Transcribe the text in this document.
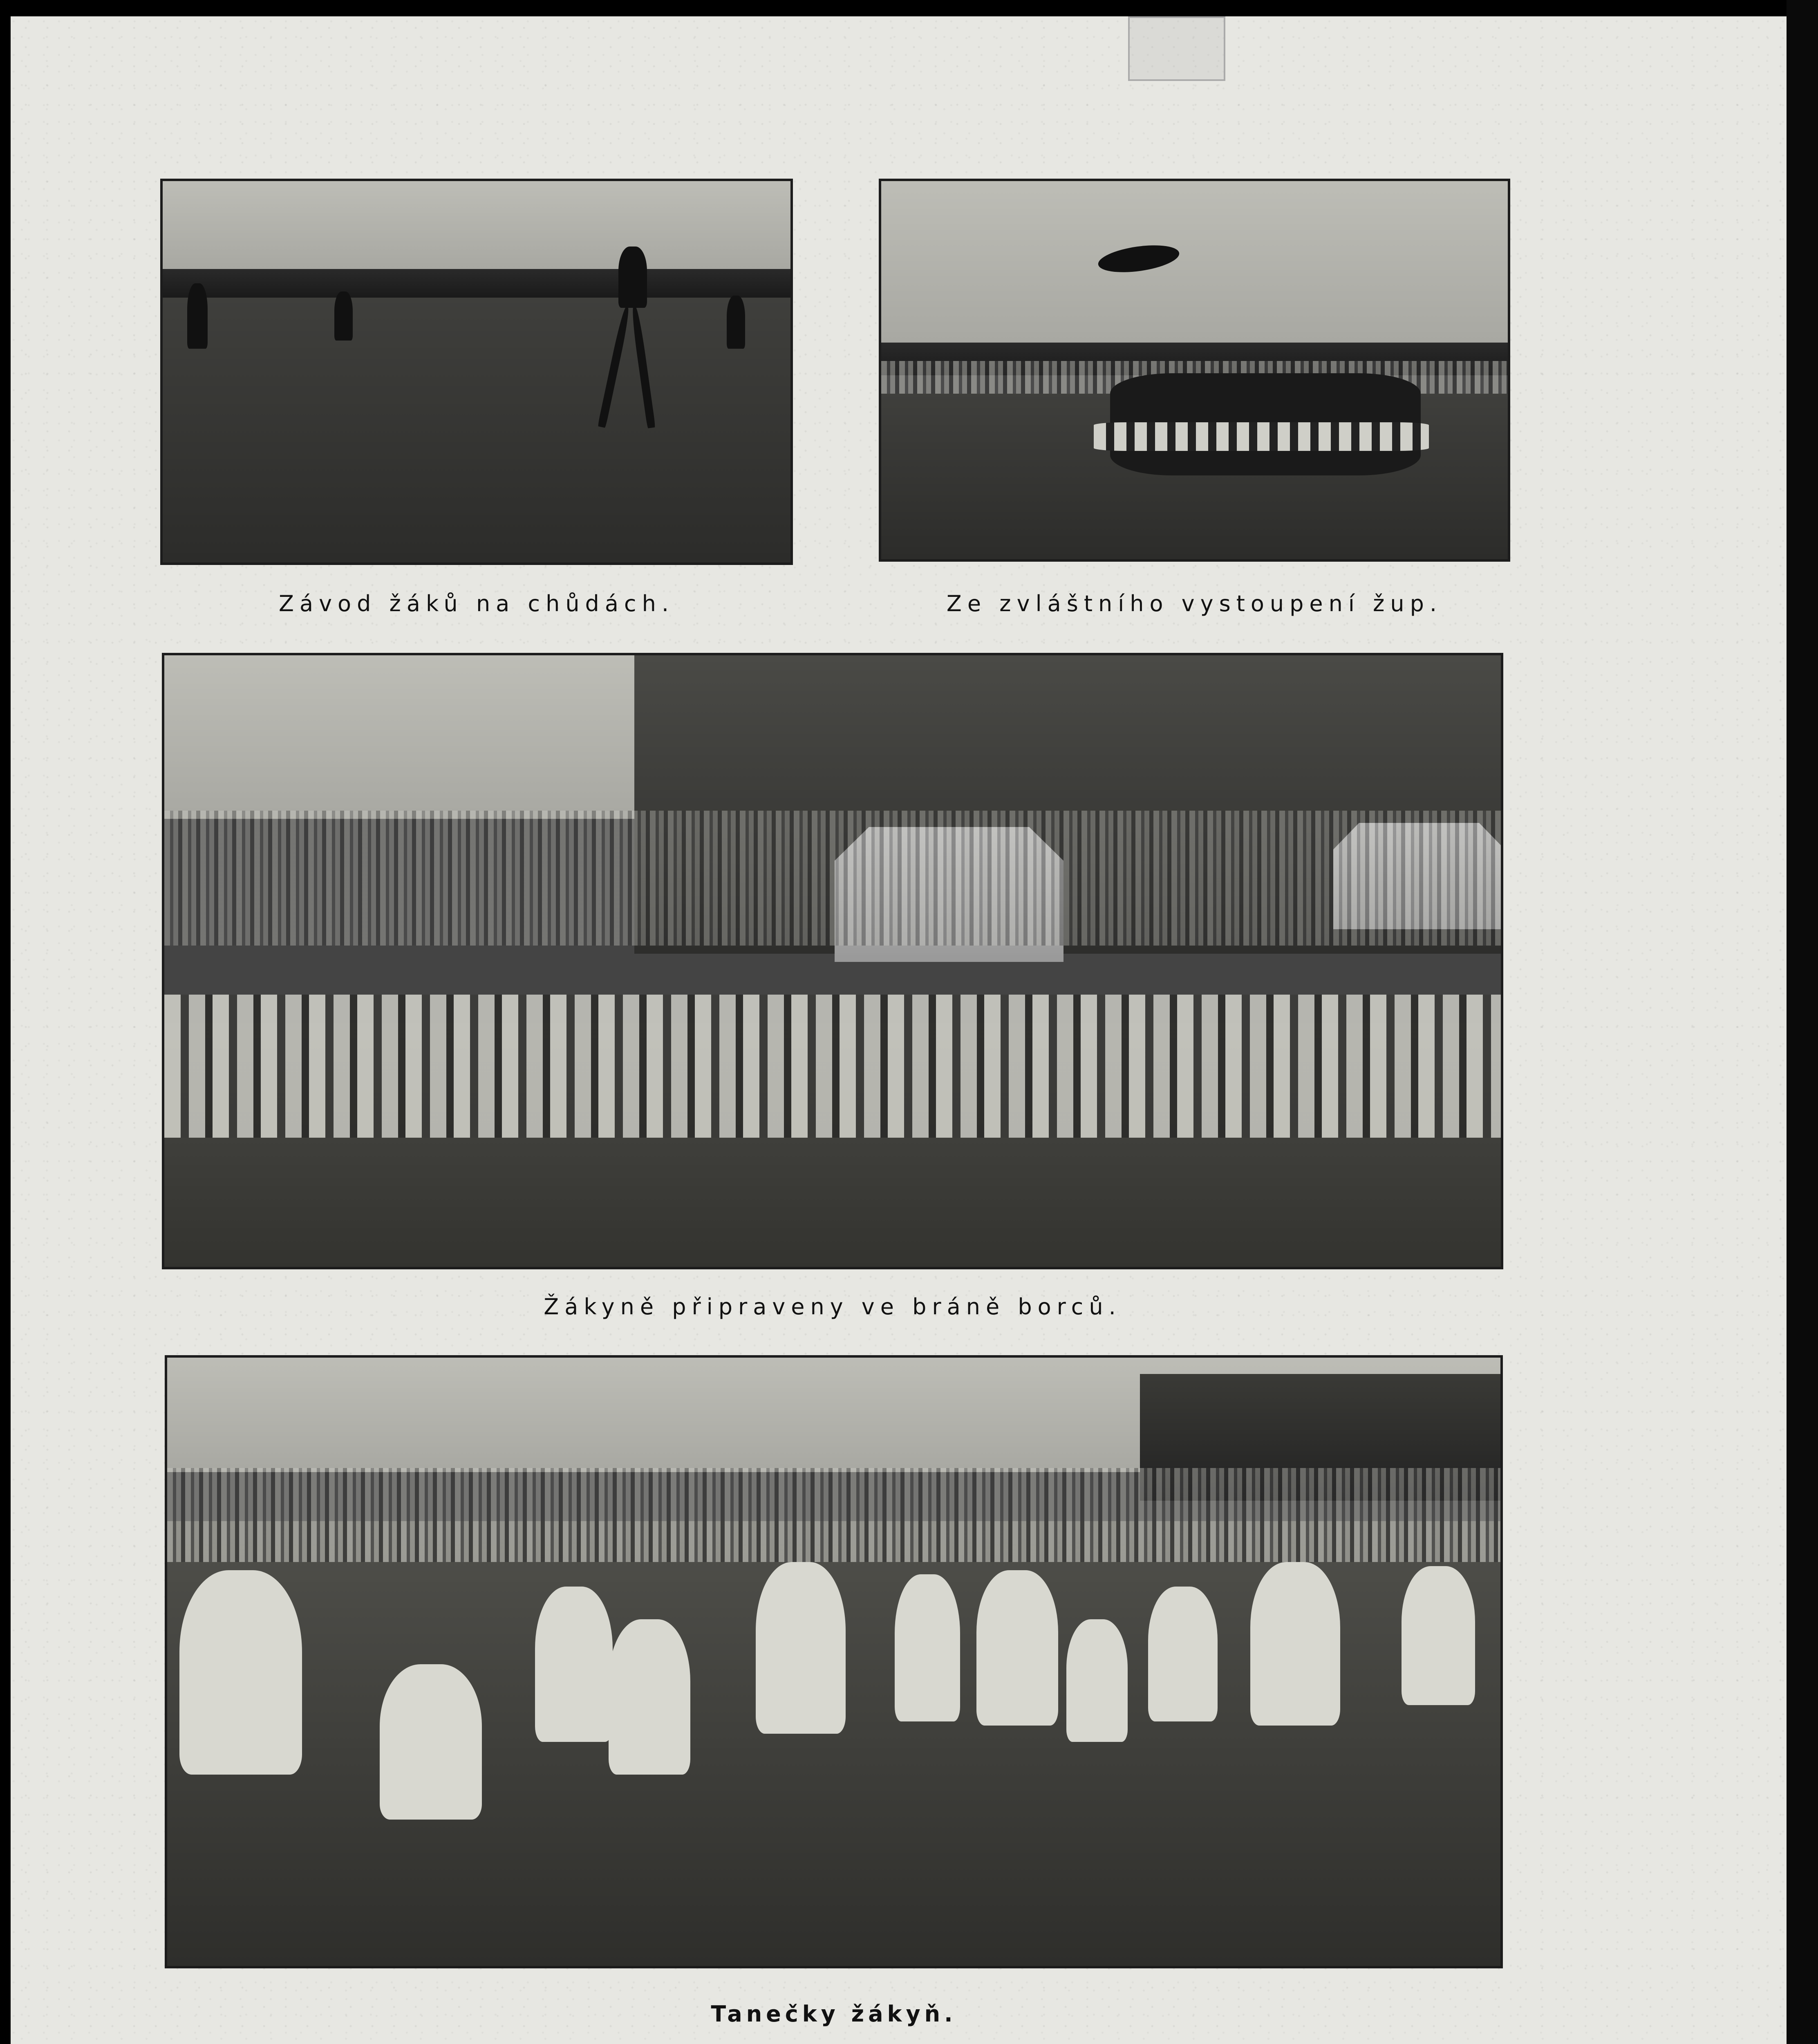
Závod žáků na chůdách.	Ze zvláštního vystoupení žup.
Žákyně připraveny ve bráně borců.
Tanečky žákyň.
